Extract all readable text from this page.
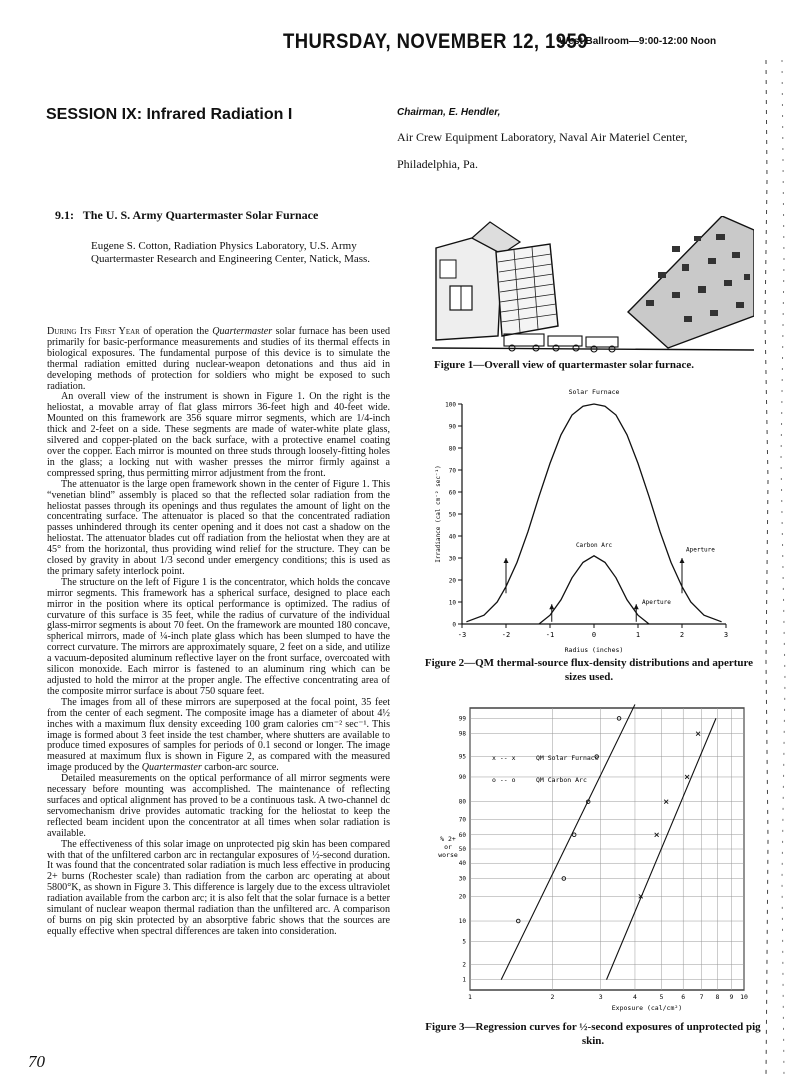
THURSDAY, NOVEMBER 12, 1959
West Ballroom—9:00-12:00 Noon
SESSION IX: Infrared Radiation I	Chairman, E. Hendler,
Air Crew Equipment Laboratory, Naval Air Materiel Center,
Philadelphia, Pa.
9.1: The U. S. Army Quartermaster Solar Furnace
Eugene S. Cotton, Radiation Physics Laboratory, U.S. Army Quartermaster Research and Engineering Center, Natick, Mass.

During Its First Year of operation the Quartermaster solar furnace has been used primarily for basic-performance measurements and studies of its thermal effects in biological exposures. The fundamental purpose of this device is to simulate the thermal radiation emitted during nuclear-weapon detonations and thus aid in developing methods of protection for soldiers who might be exposed to such radiation.

An overall view of the instrument is shown in Figure 1. On the right is the heliostat, a movable array of flat glass mirrors 36-feet high and 40-feet wide. Mounted on this framework are 356 square mirror segments, which are 1/4-inch thick and 2-feet on a side. These segments are made of water-white plate glass, silvered and copper-plated on the back surface, with a protective enamel coating over the copper. Each mirror is mounted on three studs through loosely-fitting holes in the glass; a locking nut with washer presses the mirror firmly against a compressed spring, thus permitting mirror adjustment from the front.

The attenuator is the large open framework shown in the center of Figure 1. This “venetian blind” assembly is placed so that the reflected solar radiation from the heliostat passes through its openings and thus regulates the amount of light on the concentrating surface. The attenuator is placed so that the concentrated radiation passes unhindered through its center opening and it does not cast a shadow on the heliostat. The attenuator blades cut off radiation from the heliostat when they are at 45° from the horizontal, thus providing wind relief for the structure. They can be closed by gravity in about 1/3 second under emergency conditions; this is used as the primary safety interlock point.

The structure on the left of Figure 1 is the concentrator, which holds the concave mirror segments. This framework has a spherical surface, designed to place each mirror in the position where its optical performance is optimized. The radius of curvature of this surface is 35 feet, while the radius of curvature of the individual glass-mirror segments is about 70 feet. On the framework are mounted 180 concave, spherical mirrors, made of ¼-inch plate glass which has been slumped to have the correct curvature. The mirrors are approximately square, 2 feet on a side, and utilize a vacuum-deposited aluminum reflective layer on the front surface, overcoated with silicon monoxide. Each mirror is fastened to an aluminum ring which can be adjusted to hold the mirror at the proper angle. The effective concentrating area of the composite mirror surface is about 750 square feet.

The images from all of these mirrors are superposed at the focal point, 35 feet from the center of each segment. The composite image has a diameter of about 4½ inches with a maximum flux density exceeding 100 gram calories cm⁻² sec⁻¹. This image is formed about 3 feet inside the test chamber, where shutters are available to produce timed exposures of samples for periods of 0.1 second or longer. The image measured at maximum flux is shown in Figure 2, as compared with the measured image produced by the Quartermaster carbon-arc source.

Detailed measurements on the optical performance of all mirror segments were necessary before mounting was accomplished. The maintenance of reflecting surfaces and optical alignment has proved to be a continuous task. A two-channel dc servomechanism drive provides automatic tracking for the heliostat to keep the reflected beam incident upon the concentrator at all times when solar radiation is available.

The effectiveness of this solar image on unprotected pig skin has been compared with that of the unfiltered carbon arc in rectangular exposures of ½-second duration. It was found that the concentrated solar radiation is much less effective in producing 2+ burns (Rochester scale) than radiation from the carbon arc operating at about 5800°K, as shown in Figure 3. This difference is largely due to the excess ultraviolet radiation available from the carbon arc; it is also felt that the solar furnace is a better simulant of nuclear weapon thermal radiation than the unfiltered arc. A comparison of burns on pig skin protected by an absorptive fabric shows that the sources are equally effective when spectral differences are taken into consideration.

Figure 1—Overall view of quartermaster solar furnace.
-3	-2	-1	0	1	2	3
0
10
20
30
40
50
60
70
80
90
100
Solar Furnace
Radius (inches)
Irradiance (cal cm⁻² sec⁻¹)	Carbon Arc
Aperture
Aperture
Figure 2—QM thermal-source flux-density distributions and aperture sizes used.
1	2	3	4	5	6 7 8 9 10
1
2
5
10
20
30
40
50
60
70
80
90
95
98
99
Exposure (cal/cm²)
% 2+ or worse
x -- x	QM Solar Furnace
o -- o	QM Carbon Arc
Figure 3—Regression curves for ½-second exposures of unprotected pig skin.
70
